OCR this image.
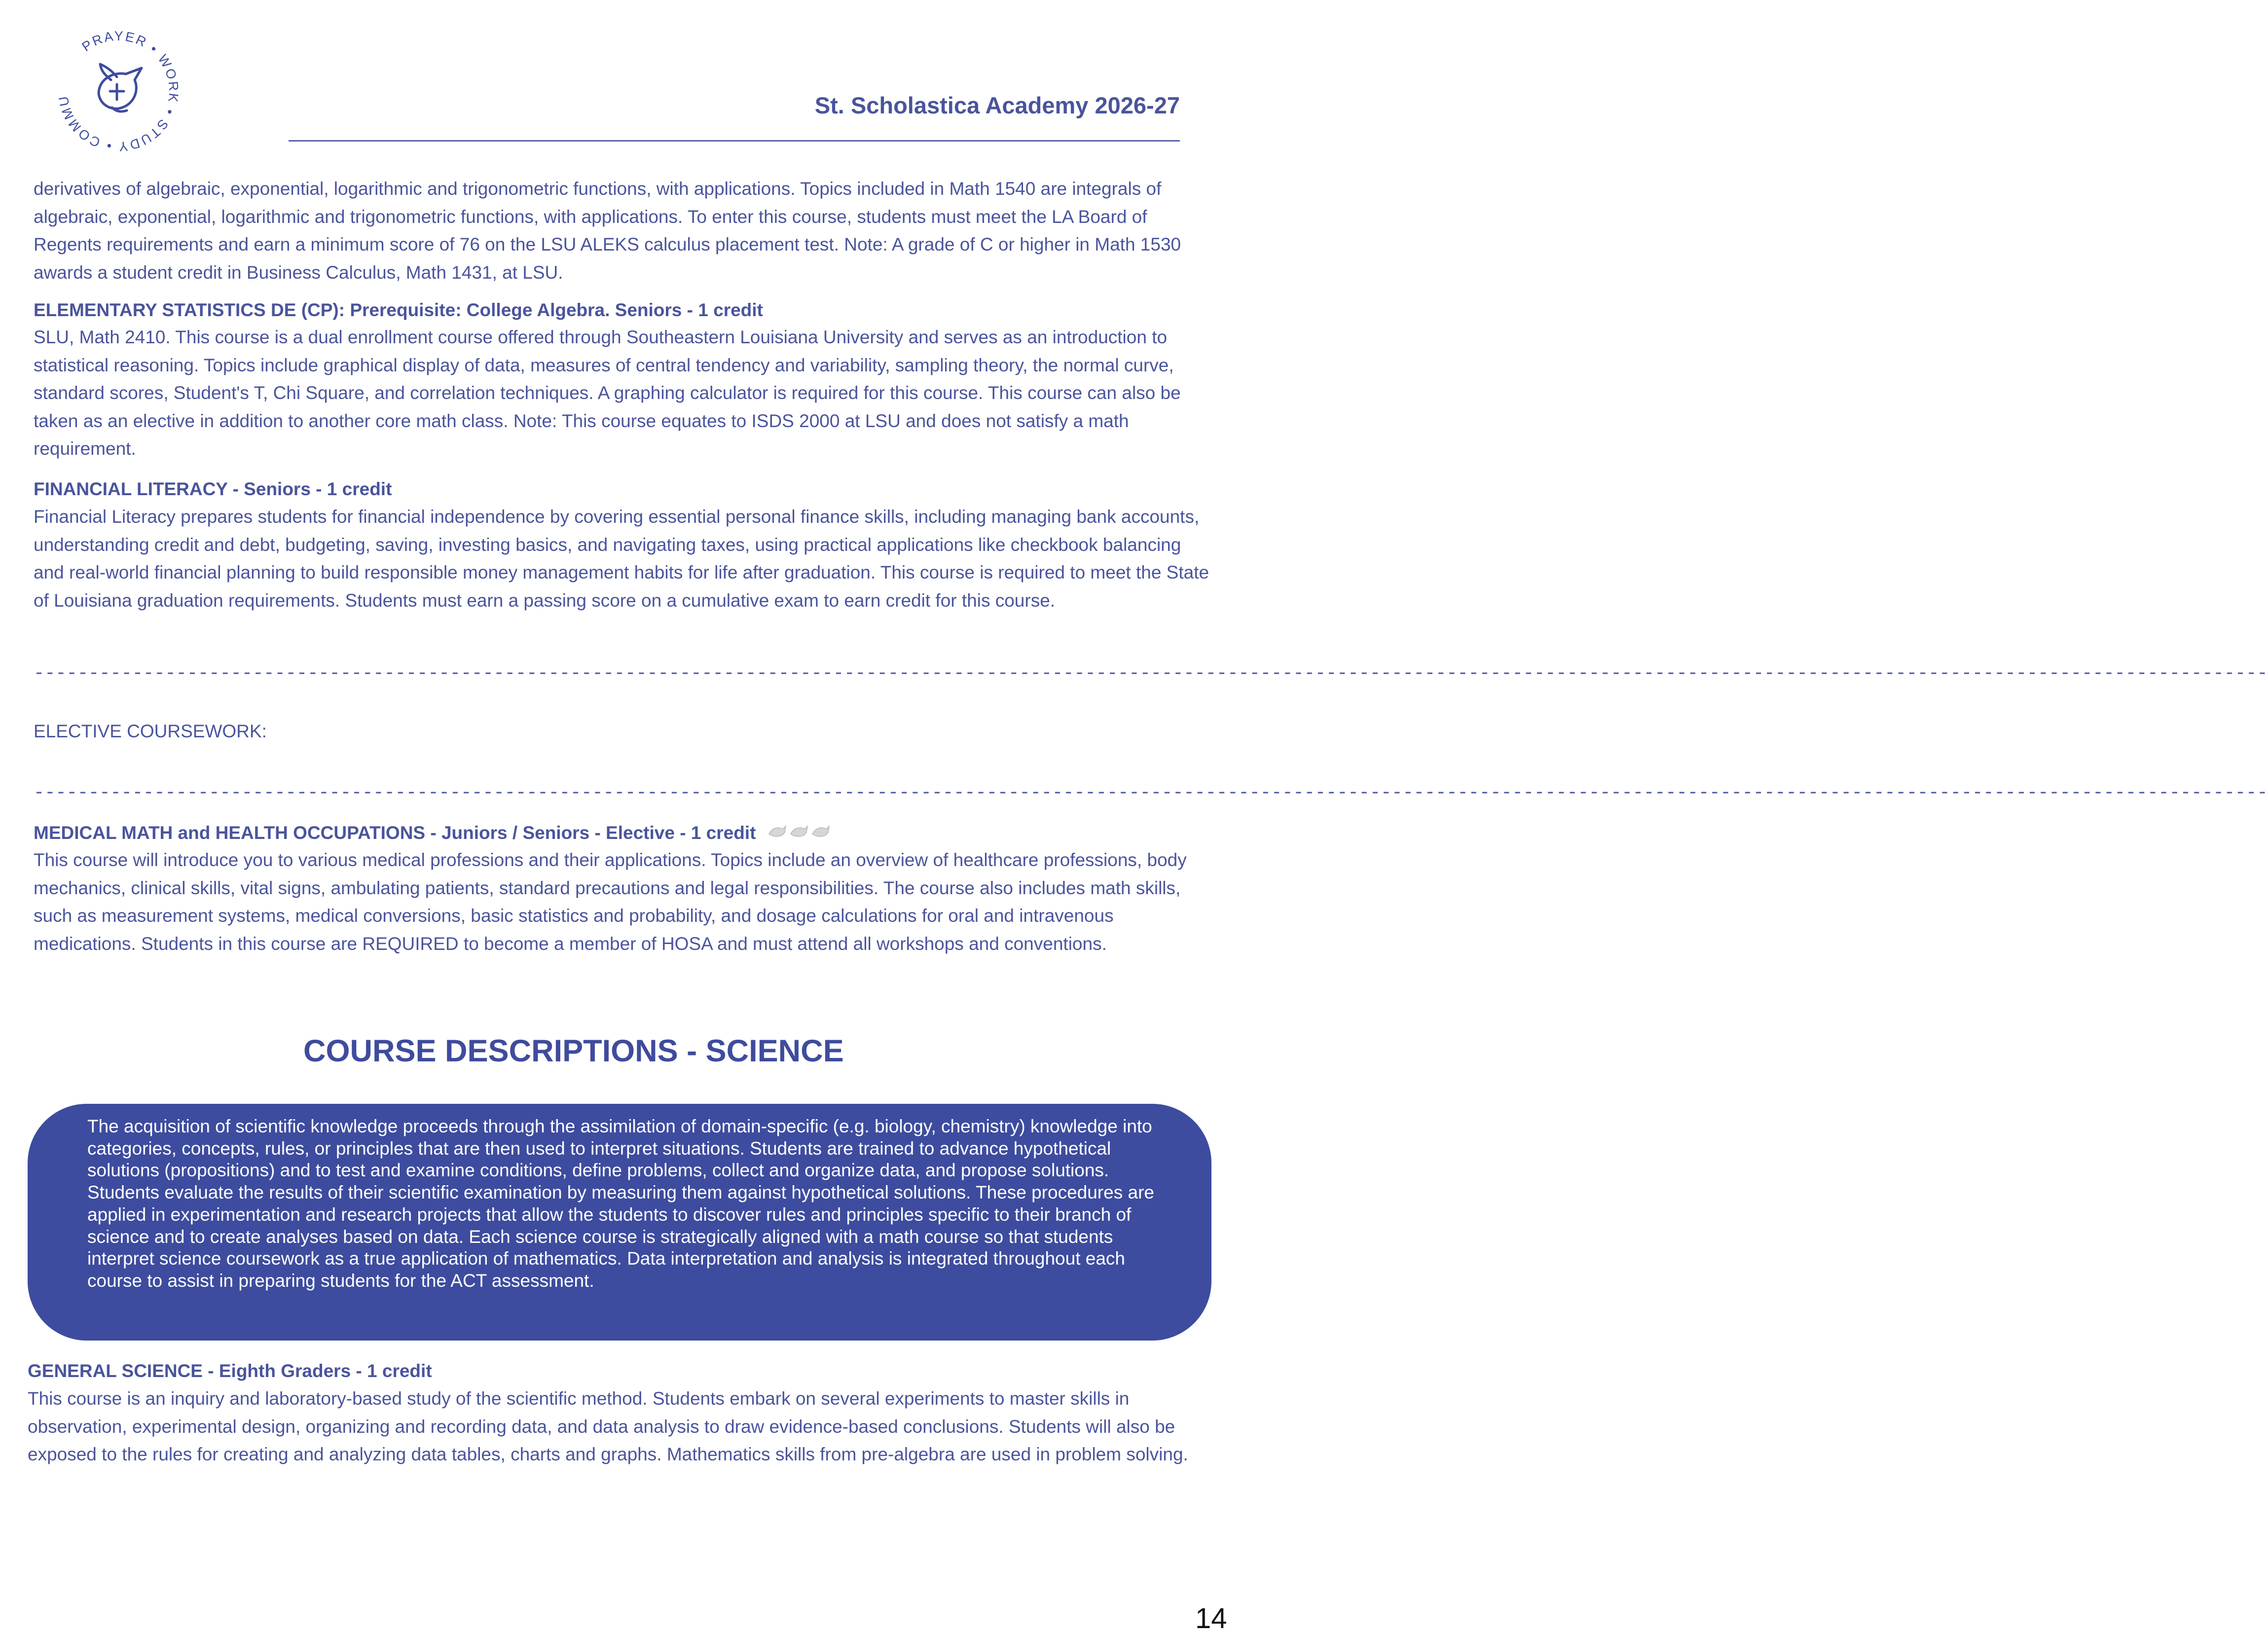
PRAYER • WORK • STUDY • COMMU	St. Scholastica Academy 2026-27

derivatives of algebraic, exponential, logarithmic and trigonometric functions, with applications. Topics included in Math 1540 are integrals of algebraic, exponential, logarithmic and trigonometric functions, with applications. To enter this course, students must meet the LA Board of Regents requirements and earn a minimum score of 76 on the LSU ALEKS calculus placement test. Note: A grade of C or higher in Math 1530 awards a student credit in Business Calculus, Math 1431, at LSU.

ELEMENTARY STATISTICS DE (CP): Prerequisite: College Algebra. Seniors - 1 credit

SLU, Math 2410. This course is a dual enrollment course offered through Southeastern Louisiana University and serves as an introduction to statistical reasoning. Topics include graphical display of data, measures of central tendency and variability, sampling theory, the normal curve, standard scores, Student's T, Chi Square, and correlation techniques. A graphing calculator is required for this course. This course can also be taken as an elective in addition to another core math class. Note: This course equates to ISDS 2000 at LSU and does not satisfy a math requirement.

FINANCIAL LITERACY - Seniors - 1 credit

Financial Literacy prepares students for financial independence by covering essential personal finance skills, including managing bank accounts, understanding credit and debt, budgeting, saving, investing basics, and navigating taxes, using practical applications like checkbook balancing and real-world financial planning to build responsible money management habits for life after graduation. This course is required to meet the State of Louisiana graduation requirements. Students must earn a passing score on a cumulative exam to earn credit for this course.

------------------------------------------------------------------------------------------------------------------------------------------------------------------------------------------------------------
ELECTIVE COURSEWORK:
------------------------------------------------------------------------------------------------------------------------------------------------------------------------------------------------------------
MEDICAL MATH and HEALTH OCCUPATIONS - Juniors / Seniors - Elective - 1 credit

This course will introduce you to various medical professions and their applications. Topics include an overview of healthcare professions, body mechanics, clinical skills, vital signs, ambulating patients, standard precautions and legal responsibilities. The course also includes math skills, such as measurement systems, medical conversions, basic statistics and probability, and dosage calculations for oral and intravenous medications. Students in this course are REQUIRED to become a member of HOSA and must attend all workshops and conventions.

COURSE DESCRIPTIONS - SCIENCE

The acquisition of scientific knowledge proceeds through the assimilation of domain-specific (e.g. biology, chemistry) knowledge into categories, concepts, rules, or principles that are then used to interpret situations. Students are trained to advance hypothetical solutions (propositions) and to test and examine conditions, define problems, collect and organize data, and propose solutions. Students evaluate the results of their scientific examination by measuring them against hypothetical solutions. These procedures are applied in experimentation and research projects that allow the students to discover rules and principles specific to their branch of science and to create analyses based on data. Each science course is strategically aligned with a math course so that students interpret science coursework as a true application of mathematics. Data interpretation and analysis is integrated throughout each course to assist in preparing students for the ACT assessment.

GENERAL SCIENCE - Eighth Graders - 1 credit

This course is an inquiry and laboratory-based study of the scientific method. Students embark on several experiments to master skills in observation, experimental design, organizing and recording data, and data analysis to draw evidence-based conclusions. Students will also be exposed to the rules for creating and analyzing data tables, charts and graphs. Mathematics skills from pre-algebra are used in problem solving.

14
